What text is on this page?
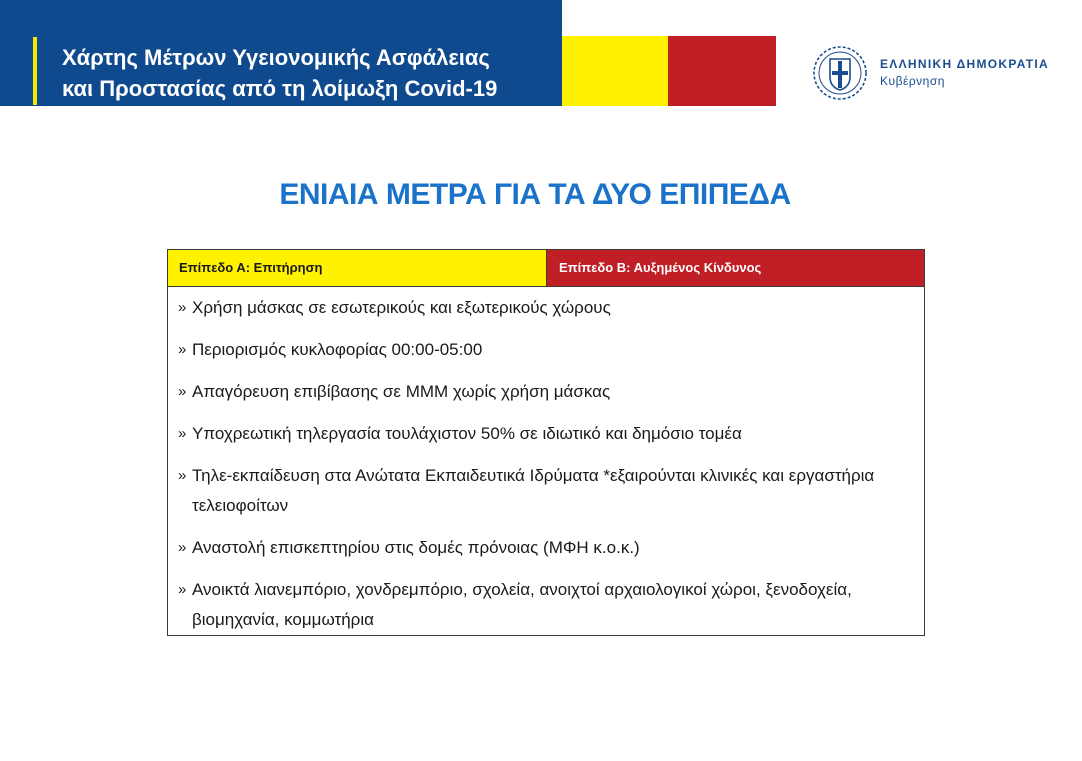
Χάρτης Μέτρων Υγειονομικής Ασφάλειας
και Προστασίας από τη λοίμωξη Covid-19
ΕΛΛΗΝΙΚΗ ΔΗΜΟΚΡΑΤΙΑ
Κυβέρνηση
ΕΝΙΑΙΑ ΜΕΤΡΑ ΓΙΑ ΤΑ ΔΥΟ ΕΠΙΠΕΔΑ
Επίπεδο Α: Επιτήρηση	Επίπεδο Β: Αυξημένος Κίνδυνος
» Χρήση μάσκας σε εσωτερικούς και εξωτερικούς χώρους
» Περιορισμός κυκλοφορίας 00:00-05:00
» Απαγόρευση επιβίβασης σε ΜΜΜ χωρίς χρήση μάσκας
» Υποχρεωτική τηλεργασία τουλάχιστον 50% σε ιδιωτικό και δημόσιο τομέα
» Τηλε-εκπαίδευση στα Ανώτατα Εκπαιδευτικά Ιδρύματα *εξαιρούνται κλινικές και εργαστήρια τελειοφοίτων
» Αναστολή επισκεπτηρίου στις δομές πρόνοιας (ΜΦΗ κ.ο.κ.)
» Ανοικτά λιανεμπόριο, χονδρεμπόριο, σχολεία, ανοιχτοί αρχαιολογικοί χώροι, ξενοδοχεία, βιομηχανία, κομμωτήρια
